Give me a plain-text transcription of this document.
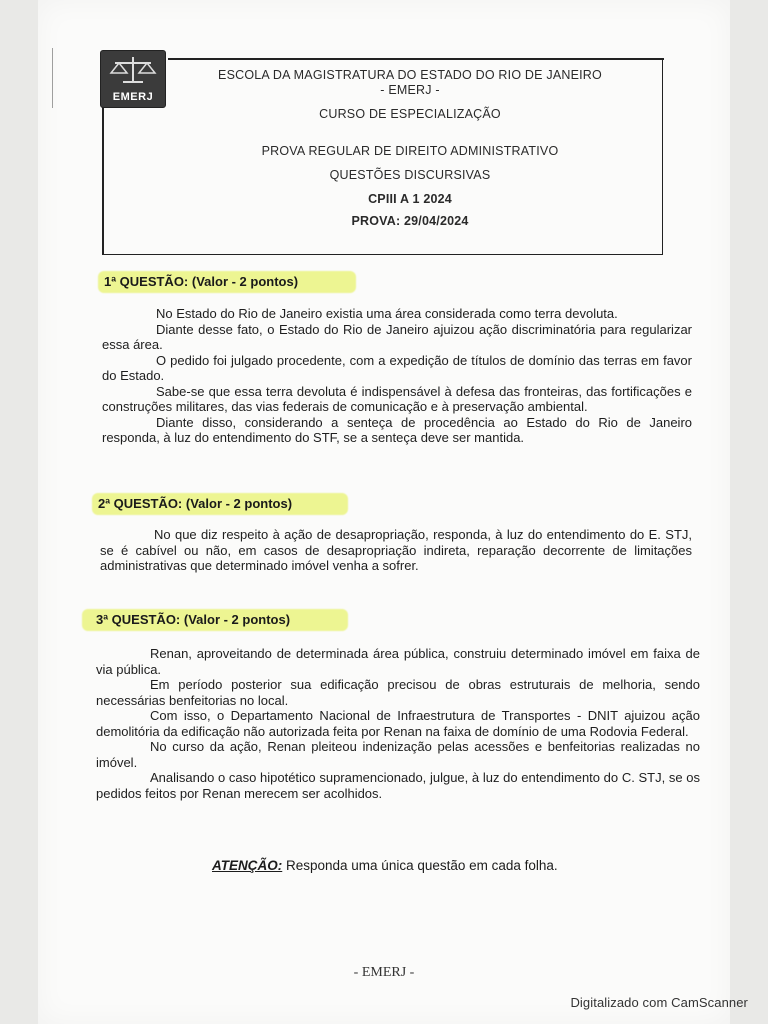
EMERJ
ESCOLA DA MAGISTRATURA DO ESTADO DO RIO DE JANEIRO
- EMERJ -
CURSO DE ESPECIALIZAÇÃO
PROVA REGULAR DE DIREITO ADMINISTRATIVO
QUESTÕES DISCURSIVAS
CPIII A 1 2024
PROVA: 29/04/2024
1ª QUESTÃO: (Valor - 2 pontos)

No Estado do Rio de Janeiro existia uma área considerada como terra devoluta.

Diante desse fato, o Estado do Rio de Janeiro ajuizou ação discriminatória para regularizar essa área.

O pedido foi julgado procedente, com a expedição de títulos de domínio das terras em favor do Estado.

Sabe-se que essa terra devoluta é indispensável à defesa das fronteiras, das fortificações e construções militares, das vias federais de comunicação e à preservação ambiental.

Diante disso, considerando a senteça de procedência ao Estado do Rio de Janeiro responda, à luz do entendimento do STF, se a senteça deve ser mantida.

2ª QUESTÃO: (Valor - 2 pontos)

No que diz respeito à ação de desapropriação, responda, à luz do entendimento do E. STJ, se é cabível ou não, em casos de desapropriação indireta, reparação decorrente de limitações administrativas que determinado imóvel venha a sofrer.

3ª QUESTÃO: (Valor - 2 pontos)

Renan, aproveitando de determinada área pública, construiu determinado imóvel em faixa de via pública.

Em período posterior sua edificação precisou de obras estruturais de melhoria, sendo necessárias benfeitorias no local.

Com isso, o Departamento Nacional de Infraestrutura de Transportes - DNIT ajuizou ação demolitória da edificação não autorizada feita por Renan na faixa de domínio de uma Rodovia Federal.

No curso da ação, Renan pleiteou indenização pelas acessões e benfeitorias realizadas no imóvel.

Analisando o caso hipotético supramencionado, julgue, à luz do entendimento do C. STJ, se os pedidos feitos por Renan merecem ser acolhidos.

ATENÇÃO: Responda uma única questão em cada folha.
- EMERJ -
Digitalizado com CamScanner
